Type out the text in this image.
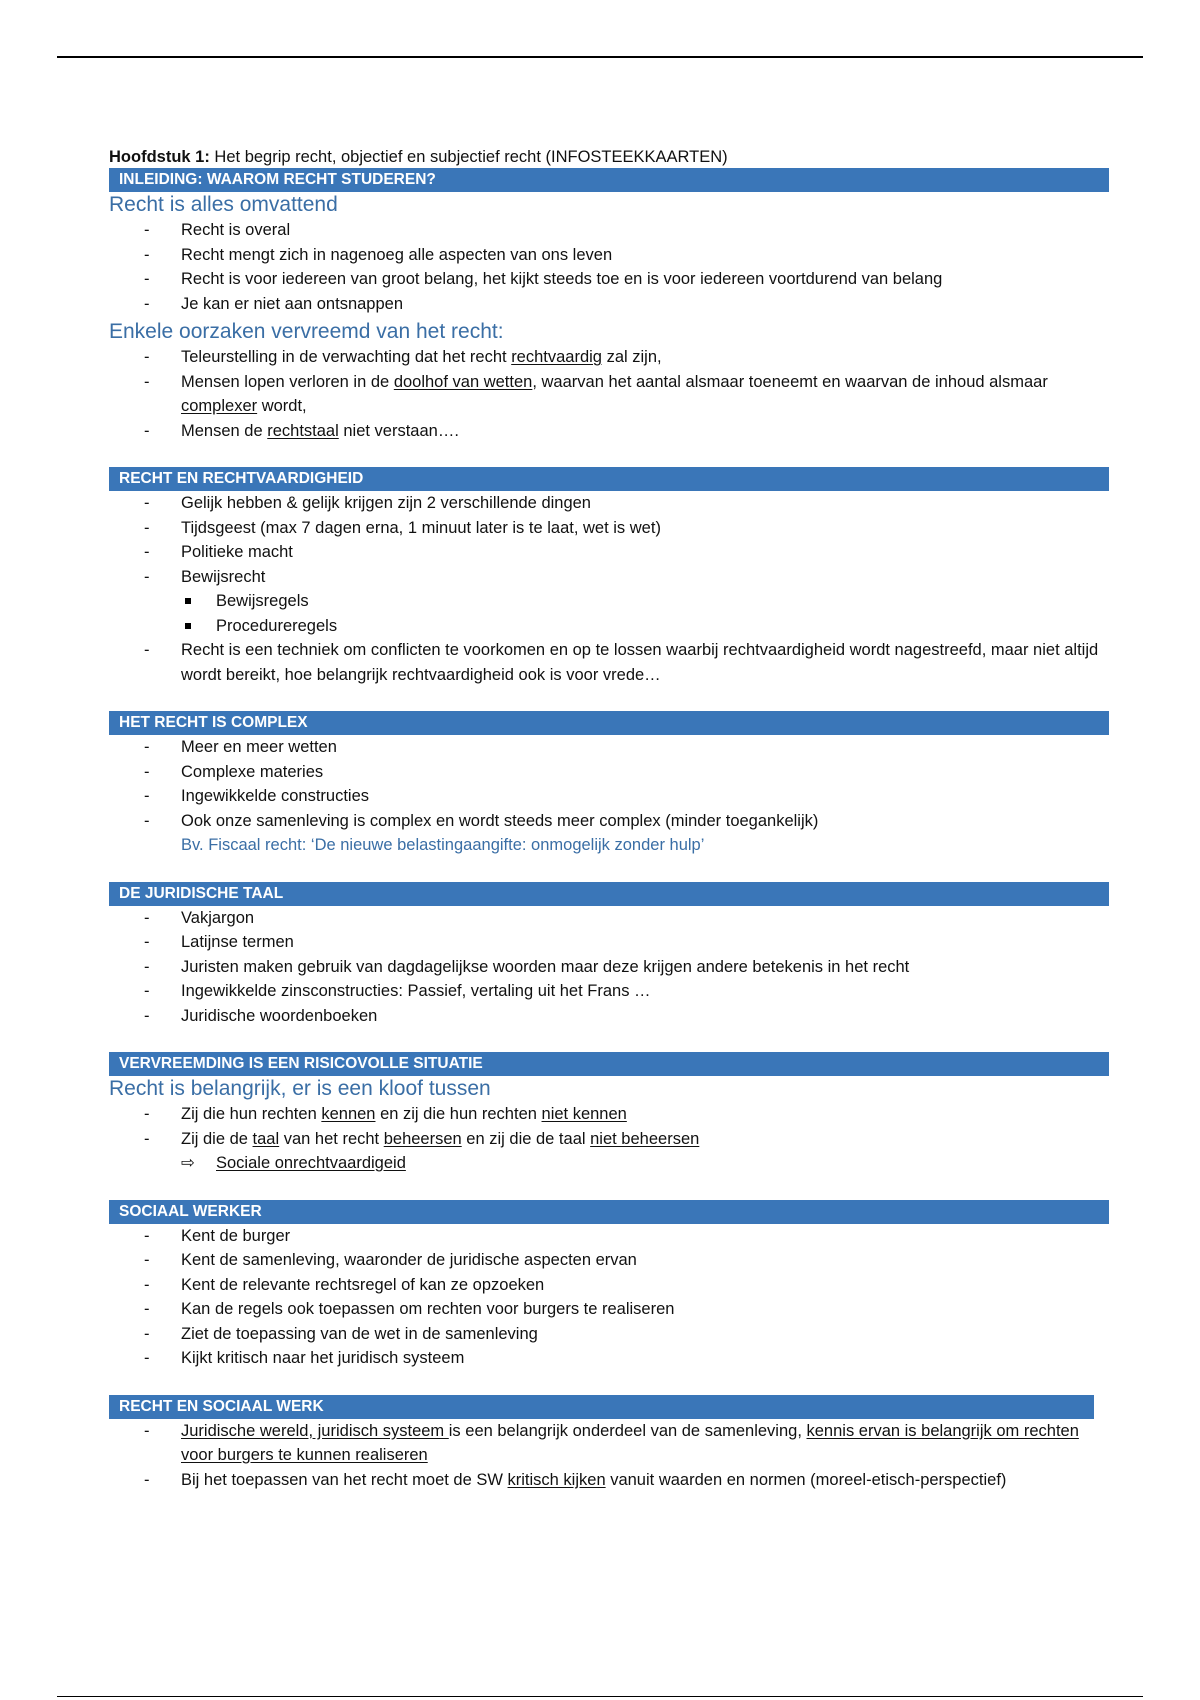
Hoofdstuk 1: Het begrip recht, objectief en subjectief recht (INFOSTEEKKAARTEN)
INLEIDING: WAAROM RECHT STUDEREN?
Recht is alles omvattend
- Recht is overal
- Recht mengt zich in nagenoeg alle aspecten van ons leven
- Recht is voor iedereen van groot belang, het kijkt steeds toe en is voor iedereen voortdurend van belang
- Je kan er niet aan ontsnappen
Enkele oorzaken vervreemd van het recht:
- Teleurstelling in de verwachting dat het recht rechtvaardig zal zijn,
- Mensen lopen verloren in de doolhof van wetten, waarvan het aantal alsmaar toeneemt en waarvan de inhoud alsmaar complexer wordt,
- Mensen de rechtstaal niet verstaan….
RECHT EN RECHTVAARDIGHEID
- Gelijk hebben & gelijk krijgen zijn 2 verschillende dingen
- Tijdsgeest (max 7 dagen erna, 1 minuut later is te laat, wet is wet)
- Politieke macht
- Bewijsrecht
Bewijsregels
Procedureregels
- Recht is een techniek om conflicten te voorkomen en op te lossen waarbij rechtvaardigheid wordt nagestreefd, maar niet altijd wordt bereikt, hoe belangrijk rechtvaardigheid ook is voor vrede…
HET RECHT IS COMPLEX
- Meer en meer wetten
- Complexe materies
- Ingewikkelde constructies
- Ook onze samenleving is complex en wordt steeds meer complex (minder toegankelijk)
Bv. Fiscaal recht: ‘De nieuwe belastingaangifte: onmogelijk zonder hulp’
DE JURIDISCHE TAAL
- Vakjargon
- Latijnse termen
- Juristen maken gebruik van dagdagelijkse woorden maar deze krijgen andere betekenis in het recht
- Ingewikkelde zinsconstructies: Passief, vertaling uit het Frans …
- Juridische woordenboeken
VERVREEMDING IS EEN RISICOVOLLE SITUATIE
Recht is belangrijk, er is een kloof tussen
- Zij die hun rechten kennen en zij die hun rechten niet kennen
- Zij die de taal van het recht beheersen en zij die de taal niet beheersen
⇨ Sociale onrechtvaardigeid
SOCIAAL WERKER
- Kent de burger
- Kent de samenleving, waaronder de juridische aspecten ervan
- Kent de relevante rechtsregel of kan ze opzoeken
- Kan de regels ook toepassen om rechten voor burgers te realiseren
- Ziet de toepassing van de wet in de samenleving
- Kijkt kritisch naar het juridisch systeem
RECHT EN SOCIAAL WERK
- Juridische wereld, juridisch systeem is een belangrijk onderdeel van de samenleving, kennis ervan is belangrijk om rechten voor burgers te kunnen realiseren
- Bij het toepassen van het recht moet de SW kritisch kijken vanuit waarden en normen (moreel-etisch-perspectief)
